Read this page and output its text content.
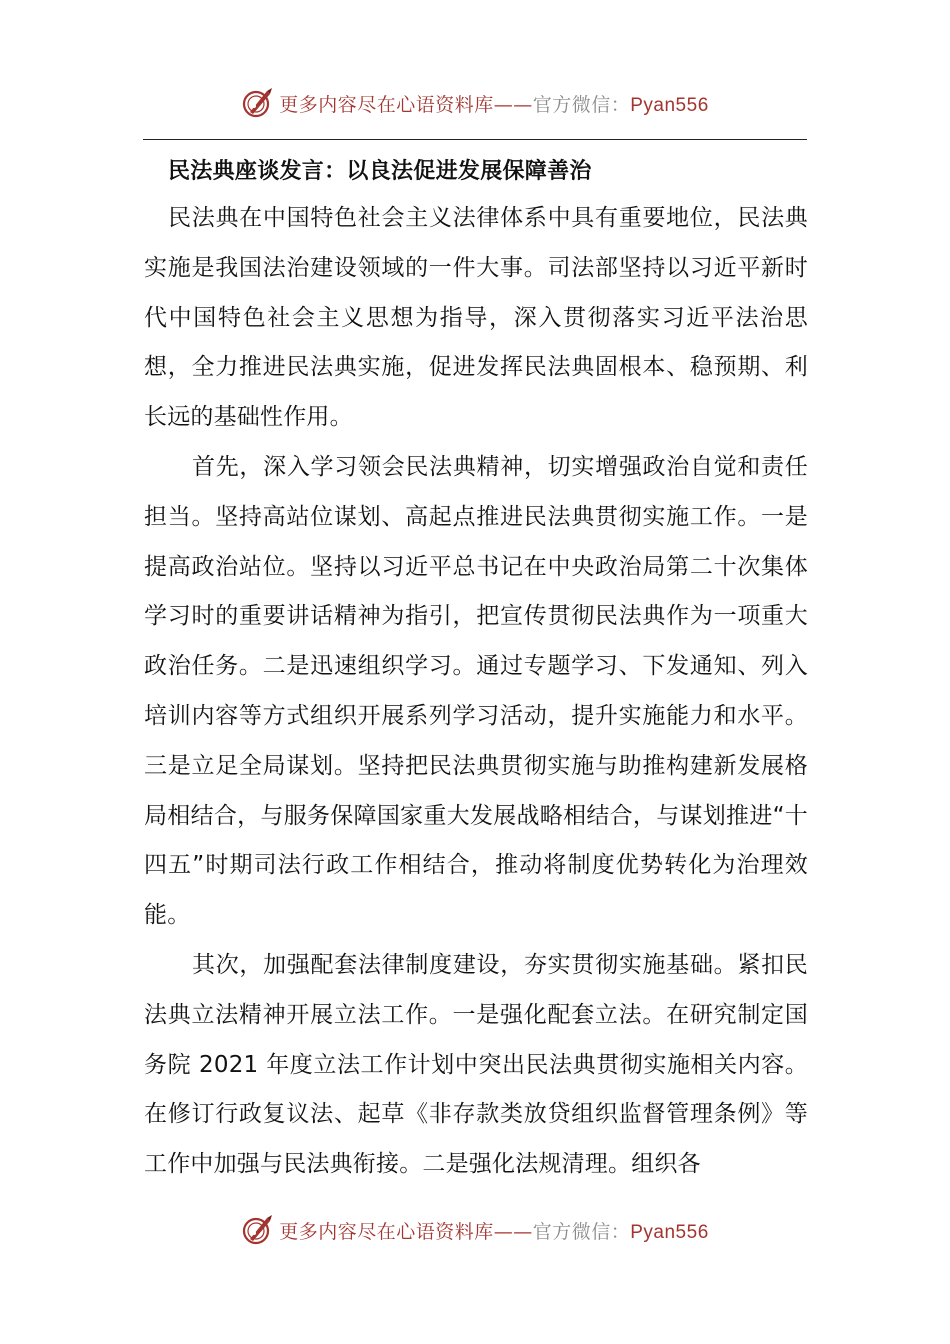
更多内容尽在心语资料库——官方微信：Pyan556
民法典座谈发言：以良法促进发展保障善治

民法典在中国特色社会主义法律体系中具有重要地位，民法典实施是我国法治建设领域的一件大事。司法部坚持以习近平新时代中国特色社会主义思想为指导，深入贯彻落实习近平法治思想，全力推进民法典实施，促进发挥民法典固根本、稳预期、利长远的基础性作用。

首先，深入学习领会民法典精神，切实增强政治自觉和责任担当。坚持高站位谋划、高起点推进民法典贯彻实施工作。一是提高政治站位。坚持以习近平总书记在中央政治局第二十次集体学习时的重要讲话精神为指引，把宣传贯彻民法典作为一项重大政治任务。二是迅速组织学习。通过专题学习、下发通知、列入培训内容等方式组织开展系列学习活动，提升实施能力和水平。三是立足全局谋划。坚持把民法典贯彻实施与助推构建新发展格局相结合，与服务保障国家重大发展战略相结合，与谋划推进“十四五”时期司法行政工作相结合，推动将制度优势转化为治理效能。

其次，加强配套法律制度建设，夯实贯彻实施基础。紧扣民法典立法精神开展立法工作。一是强化配套立法。在研究制定国务院 2021 年度立法工作计划中突出民法典贯彻实施相关内容。在修订行政复议法、起草《非存款类放贷组织监督管理条例》等工作中加强与民法典衔接。二是强化法规清理。组织各

更多内容尽在心语资料库——官方微信：Pyan556
